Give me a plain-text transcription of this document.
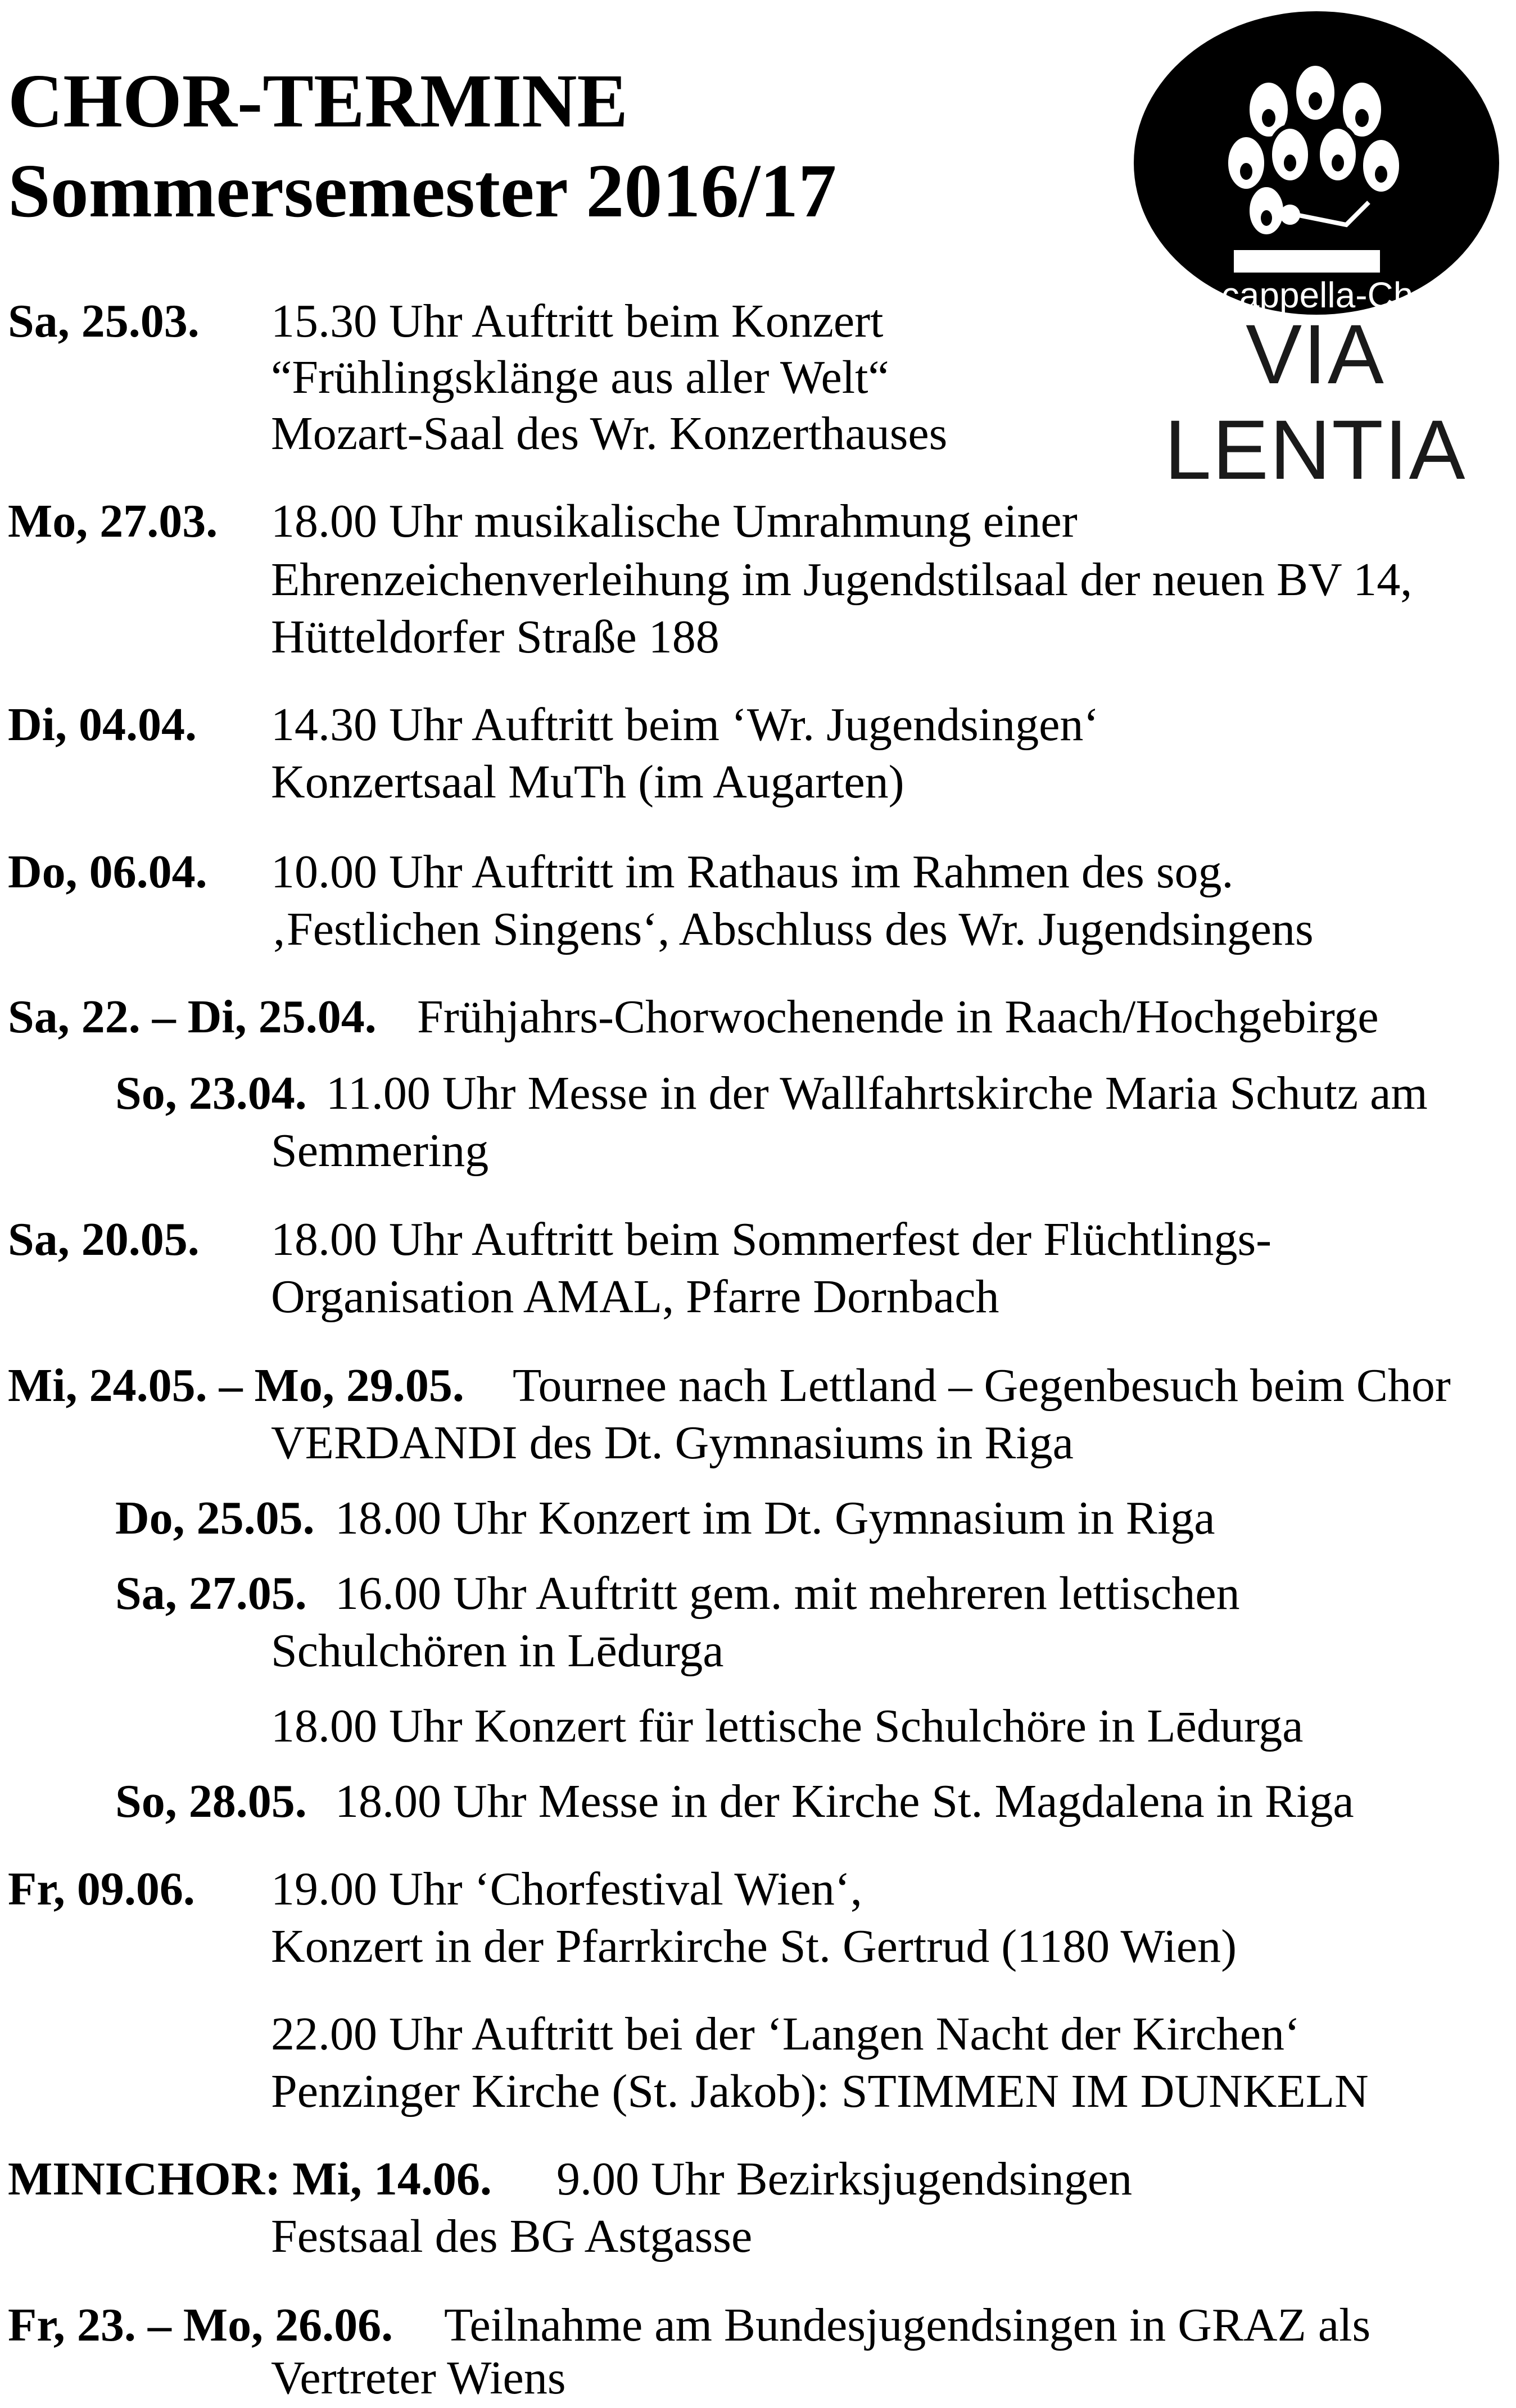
CHOR-TERMINE
Sommersemester 2016/17
A-cappella-Chor
VIA LENTIA
Sa, 25.03. 15.30 Uhr Auftritt beim Konzert
“Frühlingsklänge aus aller Welt“
Mozart-Saal des Wr. Konzerthauses
Mo, 27.03. 18.00 Uhr musikalische Umrahmung einer
Ehrenzeichenverleihung im Jugendstilsaal der neuen BV 14,
Hütteldorfer Straße 188
Di, 04.04. 14.30 Uhr Auftritt beim ‘Wr. Jugendsingen‘
Konzertsaal MuTh (im Augarten)
Do, 06.04. 10.00 Uhr Auftritt im Rathaus im Rahmen des sog.
‚Festlichen Singens‘, Abschluss des Wr. Jugendsingens
Sa, 22. – Di, 25.04. Frühjahrs-Chorwochenende in Raach/Hochgebirge
So, 23.04. 11.00 Uhr Messe in der Wallfahrtskirche Maria Schutz am
Semmering
Sa, 20.05. 18.00 Uhr Auftritt beim Sommerfest der Flüchtlings-
Organisation AMAL, Pfarre Dornbach
Mi, 24.05. – Mo, 29.05. Tournee nach Lettland – Gegenbesuch beim Chor
VERDANDI des Dt. Gymnasiums in Riga
Do, 25.05. 18.00 Uhr Konzert im Dt. Gymnasium in Riga
Sa, 27.05. 16.00 Uhr Auftritt gem. mit mehreren lettischen
Schulchören in Lēdurga
18.00 Uhr Konzert für lettische Schulchöre in Lēdurga
So, 28.05. 18.00 Uhr Messe in der Kirche St. Magdalena in Riga
Fr, 09.06. 19.00 Uhr ‘Chorfestival Wien‘,
Konzert in der Pfarrkirche St. Gertrud (1180 Wien)
22.00 Uhr Auftritt bei der ‘Langen Nacht der Kirchen‘
Penzinger Kirche (St. Jakob): STIMMEN IM DUNKELN
MINICHOR: Mi, 14.06. 9.00 Uhr Bezirksjugendsingen
Festsaal des BG Astgasse
Fr, 23. – Mo, 26.06. Teilnahme am Bundesjugendsingen in GRAZ als
Vertreter Wiens
